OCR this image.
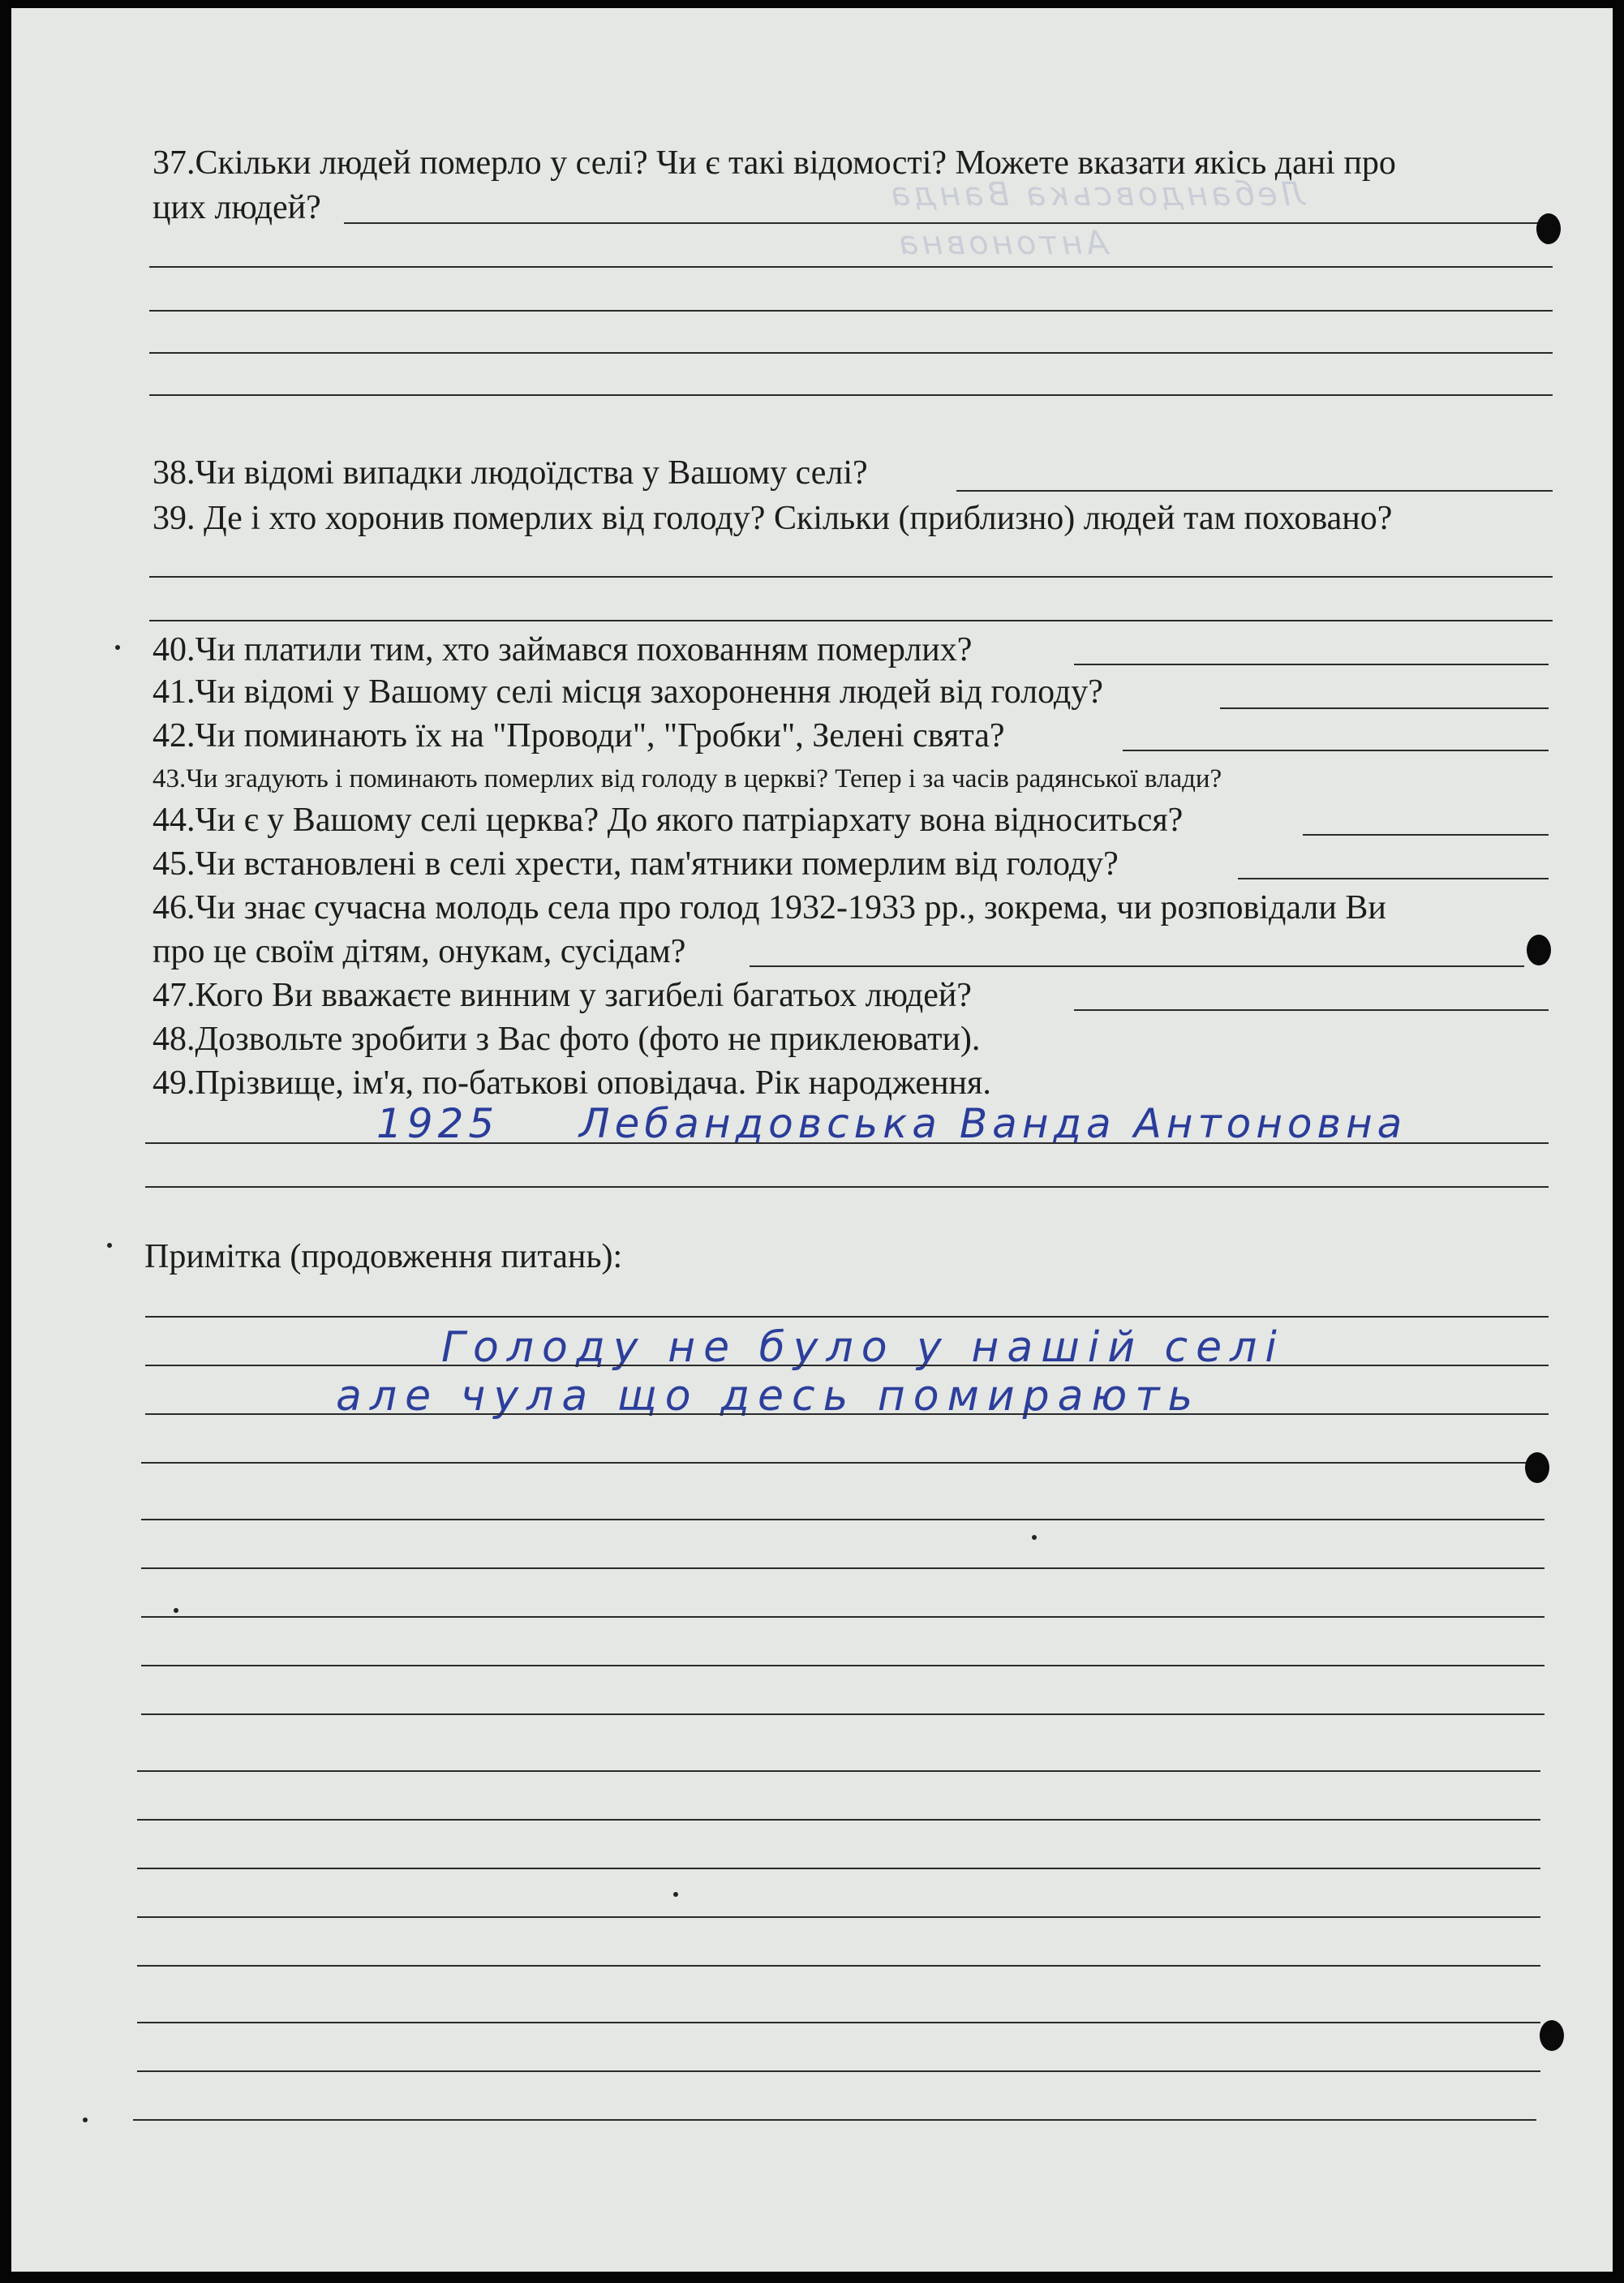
Лебандовська Ванда
Антоновна
37.Скільки людей померло у селі? Чи є такі відомості? Можете вказати якісь дані про
цих людей?
38.Чи відомі випадки людоїдства у Вашому селі?
39. Де і хто хоронив померлих від голоду? Скільки (приблизно) людей там поховано?
40.Чи платили тим, хто займався похованням померлих?
41.Чи відомі у Вашому селі місця захоронення людей від голоду?
42.Чи поминають їх на "Проводи", "Гробки", Зелені свята?
43.Чи згадують і поминають померлих від голоду в церкві? Тепер і за часів радянської влади?
44.Чи є у Вашому селі церква? До якого патріархату вона відноситься?
45.Чи встановлені в селі хрести, пам'ятники померлим від голоду?
46.Чи знає сучасна молодь села про голод 1932-1933 рр., зокрема, чи розповідали Ви
про це своїм дітям, онукам, сусідам?
47.Кого Ви вважаєте винним у загибелі багатьох людей?
48.Дозвольте зробити з Вас фото (фото не приклеювати).
49.Прізвище, ім'я, по-батькові оповідача. Рік народження.
1925 Лебандовська Ванда Антоновна
Примітка (продовження питань):
Голоду не було у нашій селі
але чула що десь помирають
